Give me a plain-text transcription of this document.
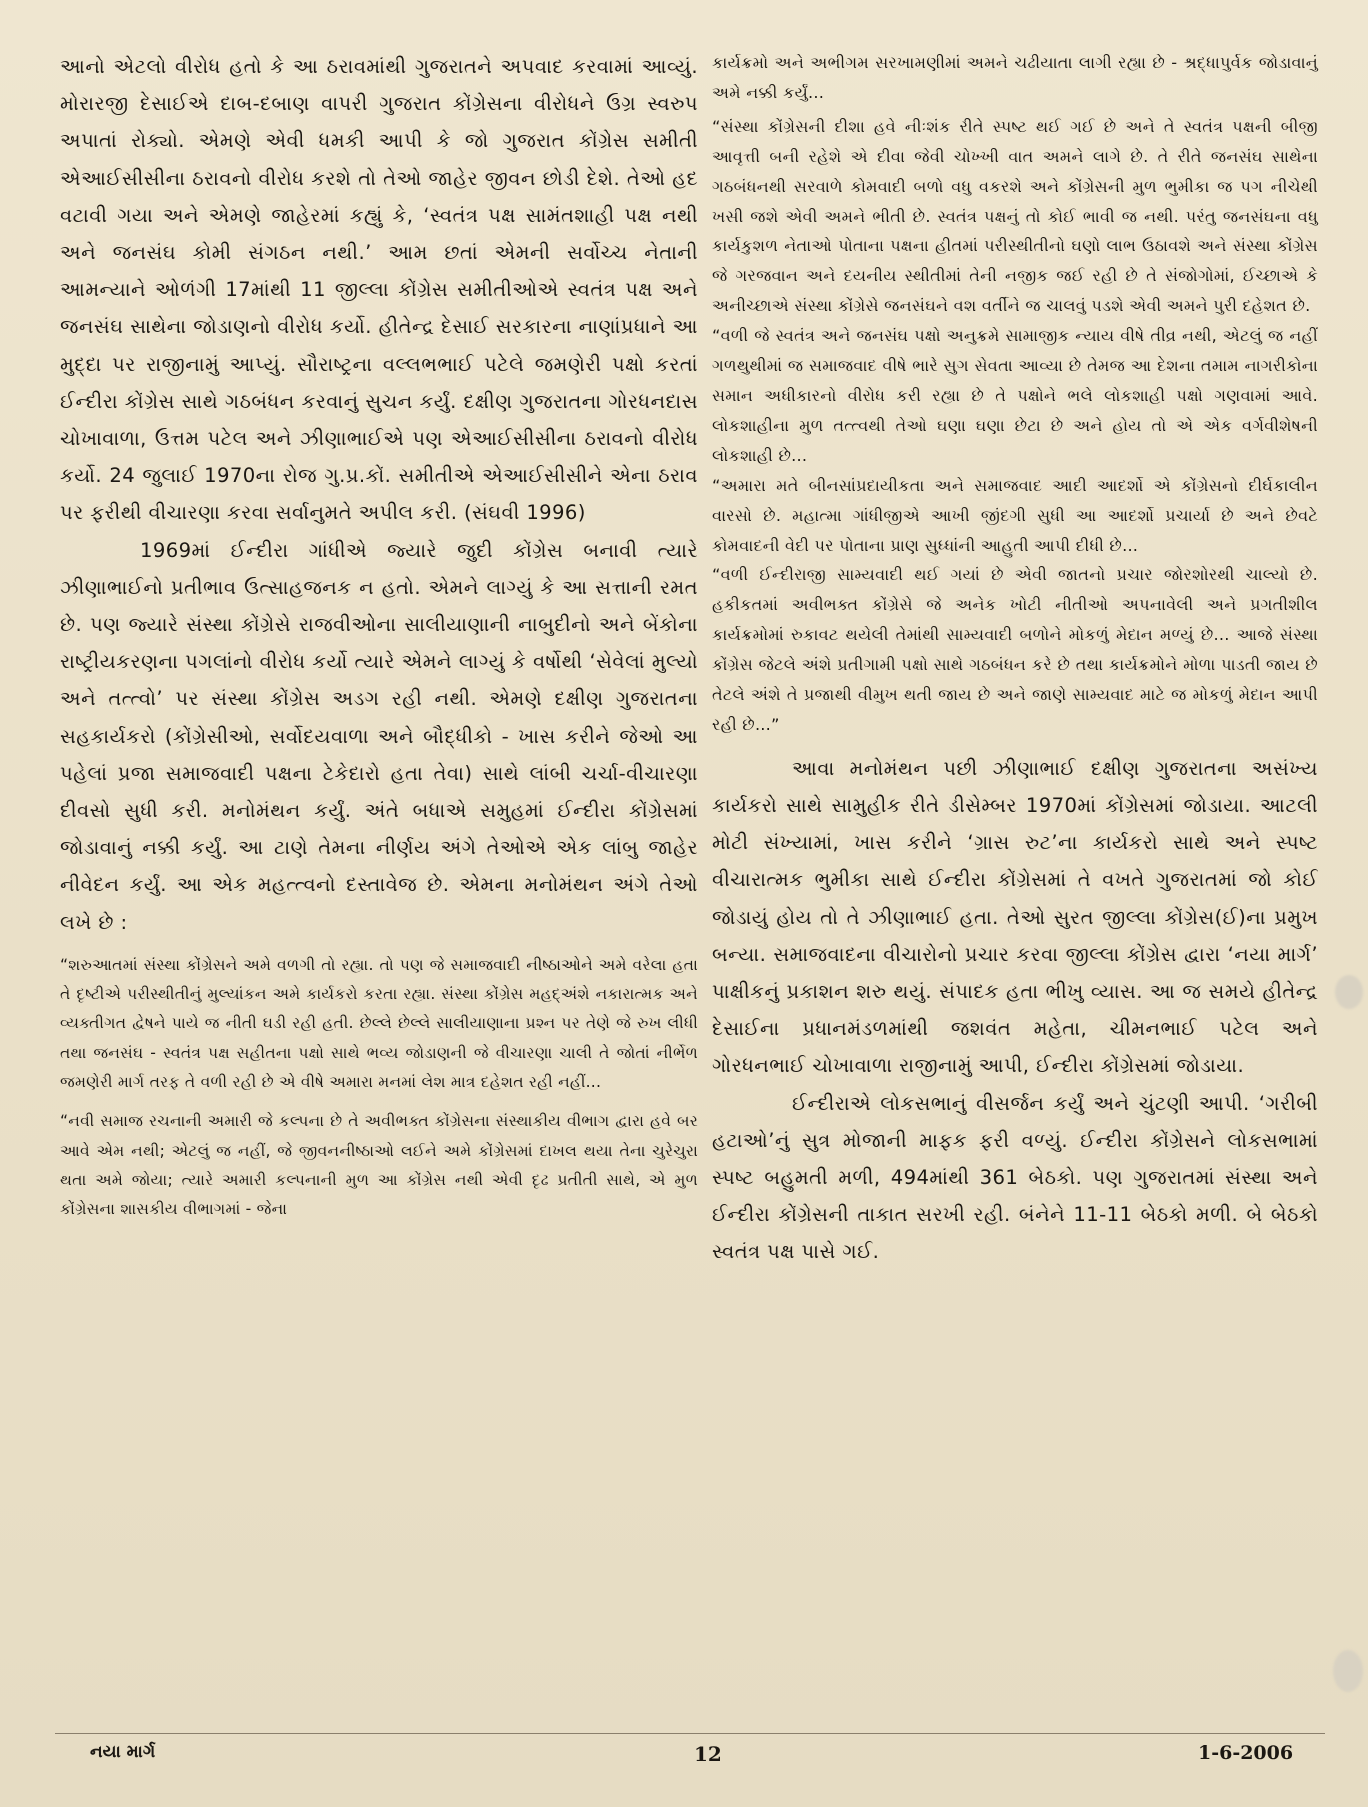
આનો એટલો વીરોધ હતો કે આ ઠરાવમાંથી ગુજરાતને અપવાદ કરવામાં આવ્યું. મોરારજી દેસાઈએ દાબ-દબાણ વાપરી ગુજરાત કોંગ્રેસના વીરોધને ઉગ્ર સ્વરુપ અપાતાં રોક્યો. એમણે એવી ધમકી આપી કે જો ગુજરાત કોંગ્રેસ સમીતી એઆઈસીસીના ઠરાવનો વીરોધ કરશે તો તેઓ જાહેર જીવન છોડી દેશે. તેઓ હદ વટાવી ગયા અને એમણે જાહેરમાં કહ્યું કે, ‘સ્વતંત્ર પક્ષ સામંતશાહી પક્ષ નથી અને જનસંઘ કોમી સંગઠન નથી.’ આમ છતાં એમની સર્વોચ્ચ નેતાની આમન્યાને ઓળંગી 17માંથી 11 જીલ્લા કોંગ્રેસ સમીતીઓએ સ્વતંત્ર પક્ષ અને જનસંઘ સાથેના જોડાણનો વીરોધ કર્યો. હીતેન્દ્ર દેસાઈ સરકારના નાણાંપ્રધાને આ મુદ્દા પર રાજીનામું આપ્યું. સૌરાષ્ટ્રના વલ્લભભાઈ પટેલે જમણેરી પક્ષો કરતાં ઈન્દીરા કોંગ્રેસ સાથે ગઠબંધન કરવાનું સુચન કર્યું. દક્ષીણ ગુજરાતના ગોરધનદાસ ચોખાવાળા, ઉત્તમ પટેલ અને ઝીણાભાઈએ પણ એઆઈસીસીના ઠરાવનો વીરોધ કર્યો. 24 જુલાઈ 1970ના રોજ ગુ.પ્ર.કોં. સમીતીએ એઆઈસીસીને એના ઠરાવ પર ફરીથી વીચારણા કરવા સર્વાનુમતે અપીલ કરી. (સંઘવી 1996)

1969માં ઈન્દીરા ગાંધીએ જ્યારે જુદી કોંગ્રેસ બનાવી ત્યારે ઝીણાભાઈનો પ્રતીભાવ ઉત્સાહજનક ન હતો. એમને લાગ્યું કે આ સત્તાની રમત છે. પણ જ્યારે સંસ્થા કોંગ્રેસે રાજવીઓના સાલીયાણાની નાબુદીનો અને બેંકોના રાષ્ટ્રીયકરણના પગલાંનો વીરોધ કર્યો ત્યારે એમને લાગ્યું કે વર્ષોથી ‘સેવેલાં મુલ્યો અને તત્ત્વો’ પર સંસ્થા કોંગ્રેસ અડગ રહી નથી. એમણે દક્ષીણ ગુજરાતના સહકાર્યકરો (કોંગ્રેસીઓ, સર્વોદયવાળા અને બૌદ્ધીકો - ખાસ કરીને જેઓ આ પહેલાં પ્રજા સમાજવાદી પક્ષના ટેકેદારો હતા તેવા) સાથે લાંબી ચર્ચા-વીચારણા દીવસો સુધી કરી. મનોમંથન કર્યું. અંતે બધાએ સમુહમાં ઈન્દીરા કોંગ્રેસમાં જોડાવાનું નક્કી કર્યું. આ ટાણે તેમના નીર્ણય અંગે તેઓએ એક લાંબુ જાહેર નીવેદન કર્યું. આ એક મહત્ત્વનો દસ્તાવેજ છે. એમના મનોમંથન અંગે તેઓ લખે છે :

“શરુઆતમાં સંસ્થા કોંગ્રેસને અમે વળગી તો રહ્યા. તો પણ જે સમાજવાદી નીષ્ઠાઓને અમે વરેલા હતા તે દૃષ્ટીએ પરીસ્થીતીનું મુલ્યાંકન અમે કાર્યકરો કરતા રહ્યા. સંસ્થા કોંગ્રેસ મહદ્અંશે નકારાત્મક અને વ્યક્તીગત દ્વેષને પાયે જ નીતી ઘડી રહી હતી. છેલ્લે છેલ્લે સાલીયાણાના પ્રશ્ન પર તેણે જે રુખ લીધી તથા જનસંઘ - સ્વતંત્ર પક્ષ સહીતના પક્ષો સાથે ભવ્ય જોડાણની જે વીચારણા ચાલી તે જોતાં નીર્ભેળ જમણેરી માર્ગ તરફ તે વળી રહી છે એ વીષે અમારા મનમાં લેશ માત્ર દહેશત રહી નહીં...

“નવી સમાજ રચનાની અમારી જે કલ્પના છે તે અવીભક્ત કોંગ્રેસના સંસ્થાકીય વીભાગ દ્વારા હવે બર આવે એમ નથી; એટલું જ નહીં, જે જીવનનીષ્ઠાઓ લઈને અમે કોંગ્રેસમાં દાખલ થયા તેના ચુરેચુરા થતા અમે જોયા; ત્યારે અમારી કલ્પનાની મુળ આ કોંગ્રેસ નથી એવી દૃઢ પ્રતીતી સાથે, એ મુળ કોંગ્રેસના શાસકીય વીભાગમાં - જેના

કાર્યક્રમો અને અભીગમ સરખામણીમાં અમને ચઢીયાતા લાગી રહ્યા છે - શ્રદ્ધાપુર્વક જોડાવાનું અમે નક્કી કર્યું...

“સંસ્થા કોંગ્રેસની દીશા હવે નીઃશંક રીતે સ્પષ્ટ થઈ ગઈ છે અને તે સ્વતંત્ર પક્ષની બીજી આવૃત્તી બની રહેશે એ દીવા જેવી ચોખ્ખી વાત અમને લાગે છે. તે રીતે જનસંઘ સાથેના ગઠબંધનથી સરવાળે કોમવાદી બળો વધુ વકરશે અને કોંગ્રેસની મુળ ભુમીકા જ પગ નીચેથી ખસી જશે એવી અમને ભીતી છે. સ્વતંત્ર પક્ષનું તો કોઈ ભાવી જ નથી. પરંતુ જનસંઘના વધુ કાર્યકુશળ નેતાઓ પોતાના પક્ષના હીતમાં પરીસ્થીતીનો ઘણો લાભ ઉઠાવશે અને સંસ્થા કોંગ્રેસ જે ગરજવાન અને દયનીય સ્થીતીમાં તેની નજીક જઈ રહી છે તે સંજોગોમાં, ઈચ્છાએ કે અનીચ્છાએ સંસ્થા કોંગ્રેસે જનસંઘને વશ વર્તીને જ ચાલવું પડશે એવી અમને પુરી દહેશત છે.

“વળી જે સ્વતંત્ર અને જનસંઘ પક્ષો અનુક્રમે સામાજીક ન્યાય વીષે તીવ્ર નથી, એટલું જ નહીં ગળથુથીમાં જ સમાજવાદ વીષે ભારે સુગ સેવતા આવ્યા છે તેમજ આ દેશના તમામ નાગરીકોના સમાન અધીકારનો વીરોધ કરી રહ્યા છે તે પક્ષોને ભલે લોકશાહી પક્ષો ગણવામાં આવે. લોકશાહીના મુળ તત્ત્વથી તેઓ ઘણા ઘણા છેટા છે અને હોય તો એ એક વર્ગવીશેષની લોકશાહી છે...

“અમારા મતે બીનસાંપ્રદાયીકતા અને સમાજવાદ આદી આદર્શો એ કોંગ્રેસનો દીર્ઘકાલીન વારસો છે. મહાત્મા ગાંધીજીએ આખી જીંદગી સુધી આ આદર્શો પ્રચાર્યા છે અને છેવટે કોમવાદની વેદી પર પોતાના પ્રાણ સુધ્ધાંની આહુતી આપી દીધી છે...

“વળી ઈન્દીરાજી સામ્યવાદી થઈ ગયાં છે એવી જાતનો પ્રચાર જોરશોરથી ચાલ્યો છે. હકીકતમાં અવીભક્ત કોંગ્રેસે જે અનેક ખોટી નીતીઓ અપનાવેલી અને પ્રગતીશીલ કાર્યક્રમોમાં રુકાવટ થયેલી તેમાંથી સામ્યવાદી બળોને મોકળું મેદાન મળ્યું છે... આજે સંસ્થા કોંગ્રેસ જેટલે અંશે પ્રતીગામી પક્ષો સાથે ગઠબંધન કરે છે તથા કાર્યક્રમોને મોળા પાડતી જાય છે તેટલે અંશે તે પ્રજાથી વીમુખ થતી જાય છે અને જાણે સામ્યવાદ માટે જ મોકળું મેદાન આપી રહી છે...”

આવા મનોમંથન પછી ઝીણાભાઈ દક્ષીણ ગુજરાતના અસંખ્ય કાર્યકરો સાથે સામુહીક રીતે ડીસેમ્બર 1970માં કોંગ્રેસમાં જોડાયા. આટલી મોટી સંખ્યામાં, ખાસ કરીને ‘ગ્રાસ રુટ’ના કાર્યકરો સાથે અને સ્પષ્ટ વીચારાત્મક ભુમીકા સાથે ઈન્દીરા કોંગ્રેસમાં તે વખતે ગુજરાતમાં જો કોઈ જોડાયું હોય તો તે ઝીણાભાઈ હતા. તેઓ સુરત જીલ્લા કોંગ્રેસ(ઈ)ના પ્રમુખ બન્યા. સમાજવાદના વીચારોનો પ્રચાર કરવા જીલ્લા કોંગ્રેસ દ્વારા ‘નયા માર્ગ’ પાક્ષીકનું પ્રકાશન શરુ થયું. સંપાદક હતા ભીખુ વ્યાસ. આ જ સમયે હીતેન્દ્ર દેસાઈના પ્રધાનમંડળમાંથી જશવંત મહેતા, ચીમનભાઈ પટેલ અને ગોરધનભાઈ ચોખાવાળા રાજીનામું આપી, ઈન્દીરા કોંગ્રેસમાં જોડાયા.

ઈન્દીરાએ લોકસભાનું વીસર્જન કર્યું અને ચુંટણી આપી. ‘ગરીબી હટાઓ’નું સુત્ર મોજાની માફક ફરી વળ્યું. ઈન્દીરા કોંગ્રેસને લોકસભામાં સ્પષ્ટ બહુમતી મળી, 494માંથી 361 બેઠકો. પણ ગુજરાતમાં સંસ્થા અને ઈન્દીરા કોંગ્રેસની તાકાત સરખી રહી. બંનેને 11-11 બેઠકો મળી. બે બેઠકો સ્વતંત્ર પક્ષ પાસે ગઈ.

નયા માર્ગ	12	1-6-2006
